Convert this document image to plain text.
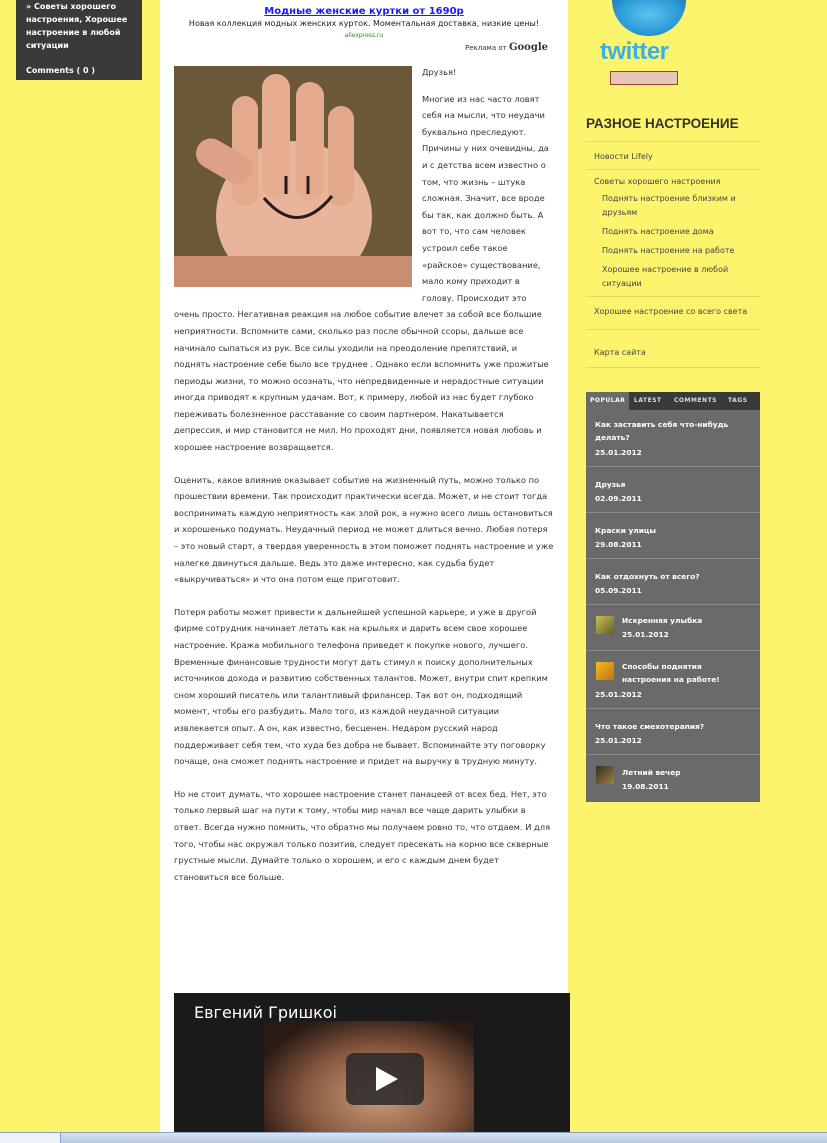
» Советы хорошего настроения, Хорошее настроение в любой ситуации
Comments ( 0 )
Модные женские куртки от 1690р
Новая коллекция модных женских курток. Моментальная доставка, низкие цены!
aliexpress.ru
Реклама от Google

Друзья!

Многие из нас часто ловят себя на мысли, что неудачи буквально преследуют. Причины у них очевидны, да и с детства всем известно о том, что жизнь – штука сложная. Значит, все вроде бы так, как должно быть. А вот то, что сам человек устроил себе такое «райское» существование, мало кому приходит в голову. Происходит это очень просто. Негативная реакция на любое событие влечет за собой все большие неприятности. Вспомните сами, сколько раз после обычной ссоры, дальше все начинало сыпаться из рук. Все силы уходили на преодоление препятствий, и поднять настроение себе было все труднее . Однако если вспомнить уже прожитые периоды жизни, то можно осознать, что непредвиденные и нерадостные ситуации иногда приводят к крупным удачам. Вот, к примеру, любой из нас будет глубоко переживать болезненное расставание со своим партнером. Накатывается депрессия, и мир становится не мил. Но проходят дни, появляется новая любовь и хорошее настроение возвращается.

Оценить, какое влияние оказывает событие на жизненный путь, можно только по прошествии времени. Так происходит практически всегда. Может, и не стоит тогда воспринимать каждую неприятность как злой рок, а нужно всего лишь остановиться и хорошенько подумать. Неудачный период не может длиться вечно. Любая потеря – это новый старт, а твердая уверенность в этом поможет поднять настроение и уже налегке двинуться дальше. Ведь это даже интересно, как судьба будет «выкручиваться» и что она потом еще приготовит.

Потеря работы может привести к дальнейшей успешной карьере, и уже в другой фирме сотрудник начинает летать как на крыльях и дарить всем свое хорошее настроение. Кража мобильного телефона приведет к покупке нового, лучшего. Временные финансовые трудности могут дать стимул к поиску дополнительных источников дохода и развитию собственных талантов. Может, внутри спит крепким сном хороший писатель или талантливый фрилансер. Так вот он, подходящий момент, чтобы его разбудить. Мало того, из каждой неудачной ситуации извлекается опыт. А он, как известно, бесценен. Недаром русский народ поддерживает себя тем, что худа без добра не бывает. Вспоминайте эту поговорку почаще, она сможет поднять настроение и придет на выручку в трудную минуту.

Но не стоит думать, что хорошее настроение станет панацеей от всех бед. Нет, это только первый шаг на пути к тому, чтобы мир начал все чаще дарить улыбки в ответ. Всегда нужно помнить, что обратно мы получаем ровно то, что отдаем. И для того, чтобы нас окружал только позитив, следует пресекать на корню все скверные грустные мысли. Думайте только о хорошем, и его с каждым днем будет становиться все больше.

Евгений Гришкоі
twitter
РАЗНОЕ НАСТРОЕНИЕ
Новости Lifely
Советы хорошего настроения
Поднять настроение близким и друзьям
Поднять настроение дома
Поднять настроение на работе
Хорошее настроение в любой ситуации
Хорошее настроение со всего света
Карта сайта
POPULAR	LATEST COMMENTS TAGS
Как заставить себя что-нибудь делать?
25.01.2012
Друзья
02.09.2011
Краски улицы
29.08.2011
Как отдохнуть от всего?
05.09.2011
Искренняя улыбка
25.01.2012
Способы поднятия настроения на работе!
25.01.2012
Что такое смехотерапия?
25.01.2012
Летний вечер
19.08.2011
